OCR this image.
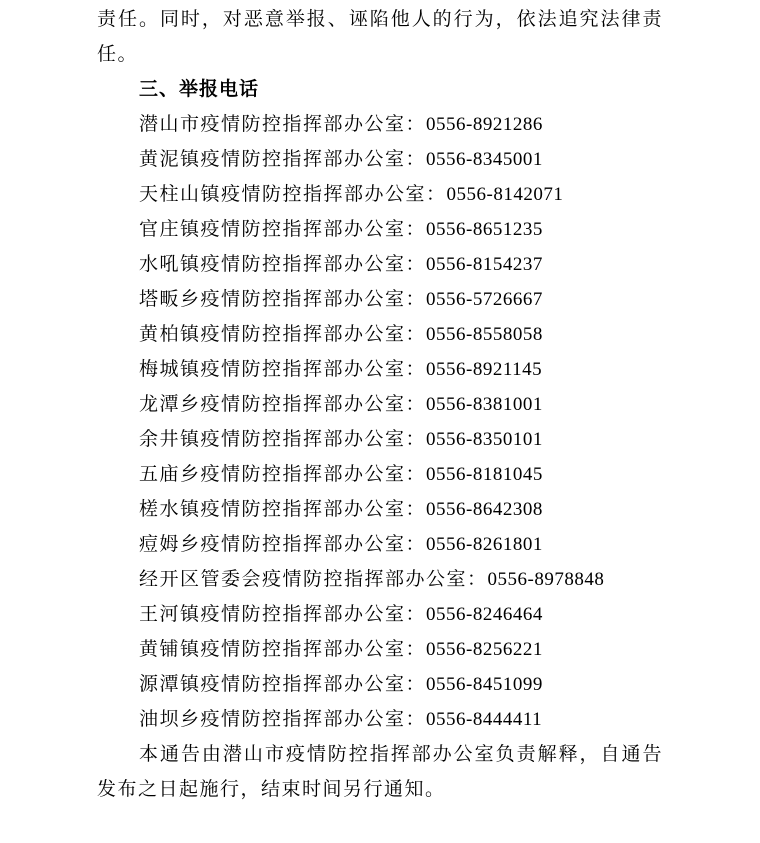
责任。同时，对恶意举报、诬陷他人的行为，依法追究法律责任。

三、举报电话

潜山市疫情防控指挥部办公室：0556-8921286

黄泥镇疫情防控指挥部办公室：0556-8345001

天柱山镇疫情防控指挥部办公室：0556-8142071

官庄镇疫情防控指挥部办公室：0556-8651235

水吼镇疫情防控指挥部办公室：0556-8154237

塔畈乡疫情防控指挥部办公室：0556-5726667

黄柏镇疫情防控指挥部办公室：0556-8558058

梅城镇疫情防控指挥部办公室：0556-8921145

龙潭乡疫情防控指挥部办公室：0556-8381001

余井镇疫情防控指挥部办公室：0556-8350101

五庙乡疫情防控指挥部办公室：0556-8181045

槎水镇疫情防控指挥部办公室：0556-8642308

痘姆乡疫情防控指挥部办公室：0556-8261801

经开区管委会疫情防控指挥部办公室：0556-8978848

王河镇疫情防控指挥部办公室：0556-8246464

黄铺镇疫情防控指挥部办公室：0556-8256221

源潭镇疫情防控指挥部办公室：0556-8451099

油坝乡疫情防控指挥部办公室：0556-8444411

本通告由潜山市疫情防控指挥部办公室负责解释，自通告发布之日起施行，结束时间另行通知。
